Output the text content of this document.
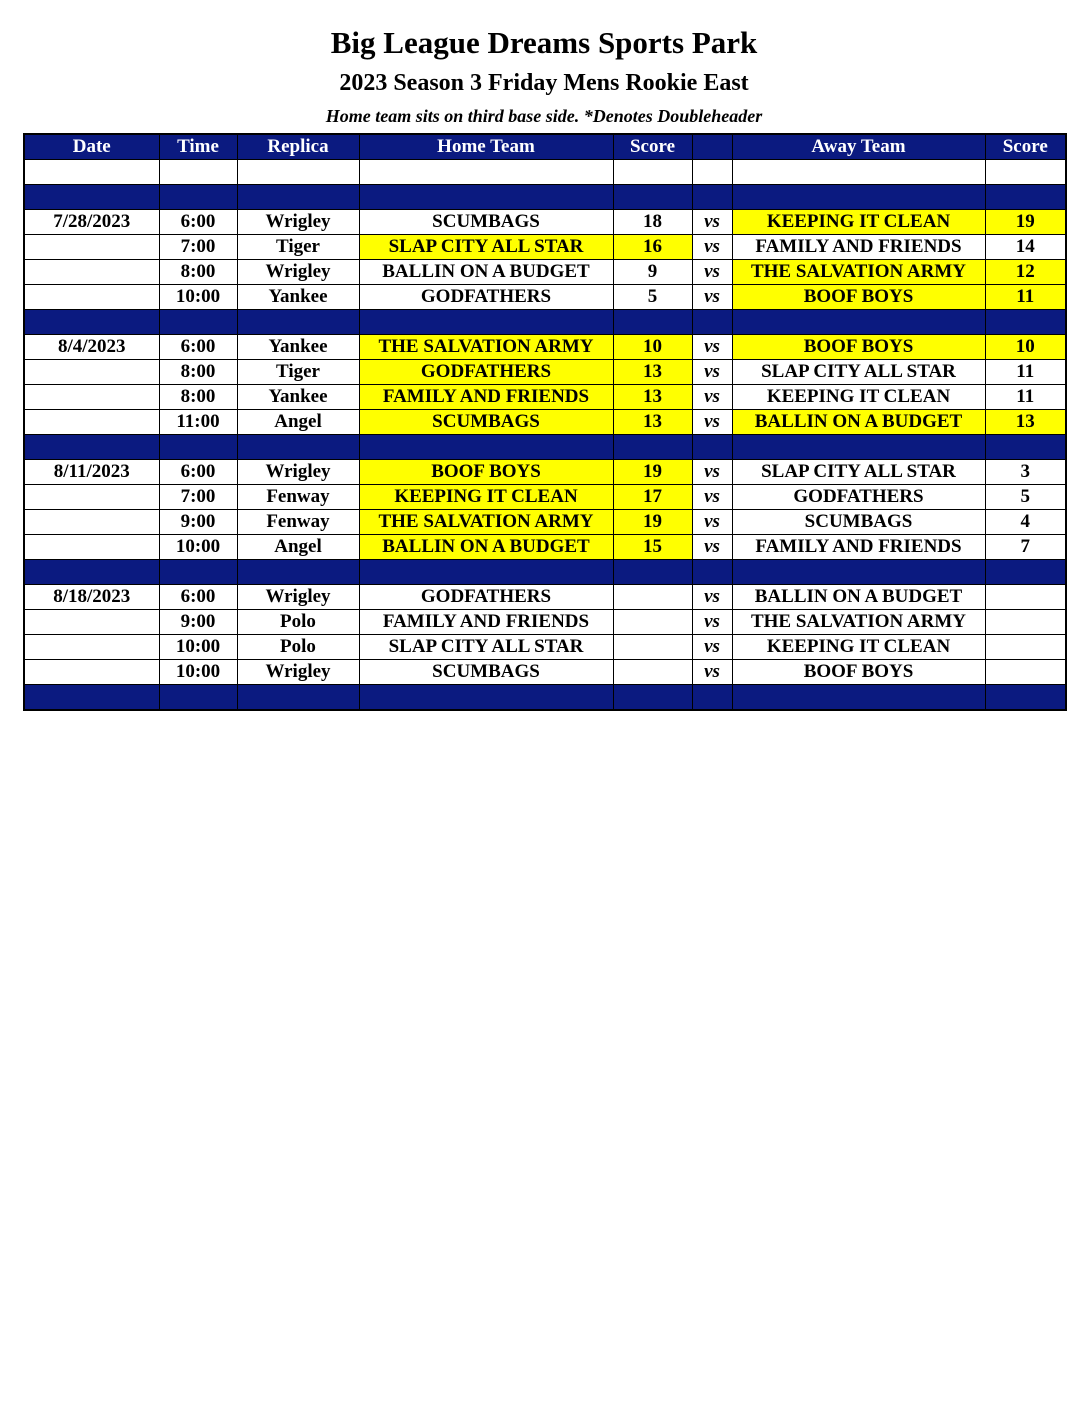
Big League Dreams Sports Park
2023 Season 3 Friday Mens Rookie East
Home team sits on third base side. *Denotes Doubleheader
Date	Time	Replica	Home Team	Score		Away Team	Score

7/28/2023	6:00	Wrigley	SCUMBAGS	18	vs	KEEPING IT CLEAN	19
	7:00	Tiger	SLAP CITY ALL STAR	16	vs	FAMILY AND FRIENDS	14
	8:00	Wrigley	BALLIN ON A BUDGET	9	vs	THE SALVATION ARMY	12
	10:00	Yankee	GODFATHERS	5	vs	BOOF BOYS	11

8/4/2023	6:00	Yankee	THE SALVATION ARMY	10	vs	BOOF BOYS	10
	8:00	Tiger	GODFATHERS	13	vs	SLAP CITY ALL STAR	11
	8:00	Yankee	FAMILY AND FRIENDS	13	vs	KEEPING IT CLEAN	11
	11:00	Angel	SCUMBAGS	13	vs	BALLIN ON A BUDGET	13

8/11/2023	6:00	Wrigley	BOOF BOYS	19	vs	SLAP CITY ALL STAR	3
	7:00	Fenway	KEEPING IT CLEAN	17	vs	GODFATHERS	5
	9:00	Fenway	THE SALVATION ARMY	19	vs	SCUMBAGS	4
	10:00	Angel	BALLIN ON A BUDGET	15	vs	FAMILY AND FRIENDS	7

8/18/2023	6:00	Wrigley	GODFATHERS		vs	BALLIN ON A BUDGET	
	9:00	Polo	FAMILY AND FRIENDS		vs	THE SALVATION ARMY	
	10:00	Polo	SLAP CITY ALL STAR		vs	KEEPING IT CLEAN	
	10:00	Wrigley	SCUMBAGS		vs	BOOF BOYS	
